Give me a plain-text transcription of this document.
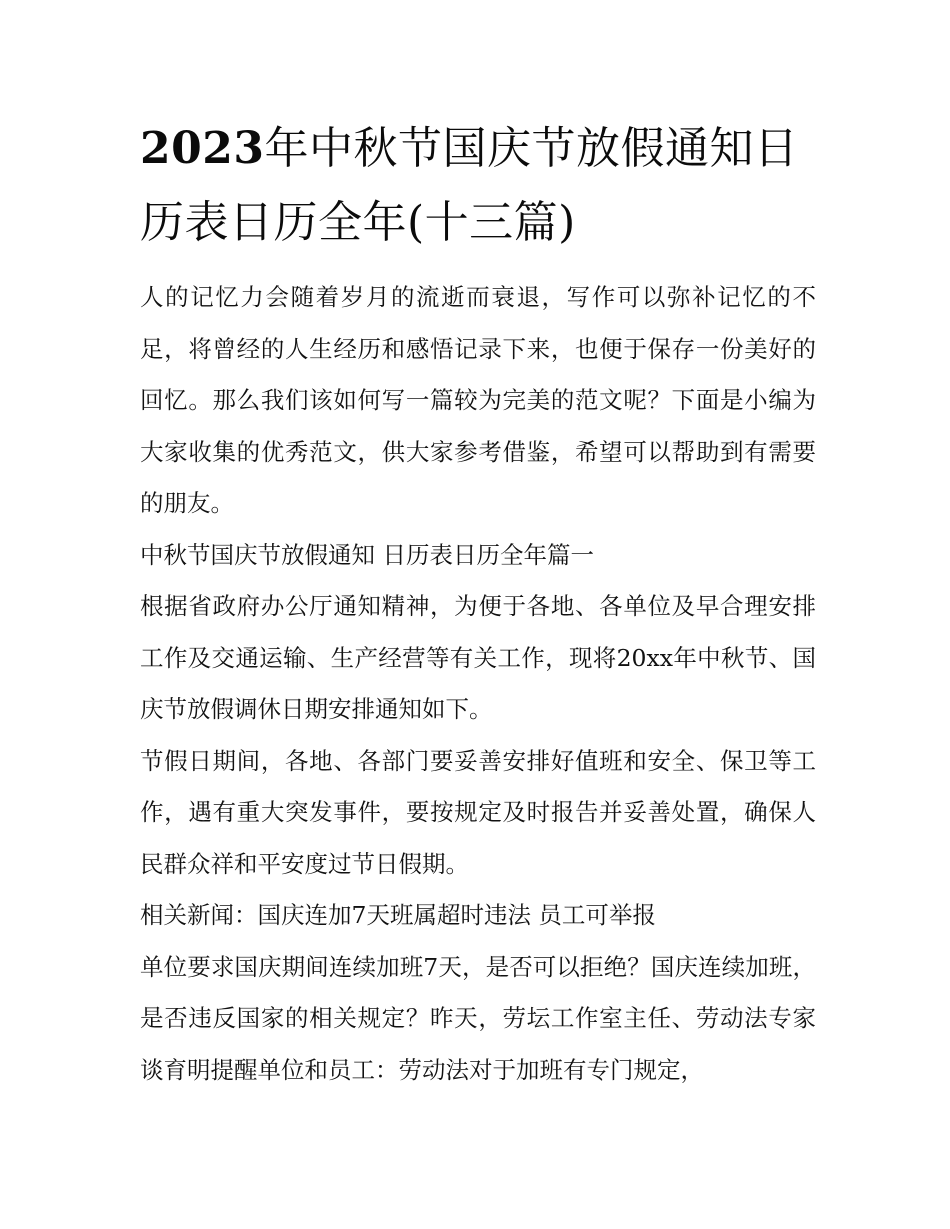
2023年中秋节国庆节放假通知日历表日历全年(十三篇)

人的记忆力会随着岁月的流逝而衰退，写作可以弥补记忆的不足，将曾经的人生经历和感悟记录下来，也便于保存一份美好的回忆。那么我们该如何写一篇较为完美的范文呢？下面是小编为大家收集的优秀范文，供大家参考借鉴，希望可以帮助到有需要的朋友。

中秋节国庆节放假通知 日历表日历全年篇一

根据省政府办公厅通知精神，为便于各地、各单位及早合理安排工作及交通运输、生产经营等有关工作，现将20xx年中秋节、国庆节放假调休日期安排通知如下。

节假日期间，各地、各部门要妥善安排好值班和安全、保卫等工作，遇有重大突发事件，要按规定及时报告并妥善处置，确保人民群众祥和平安度过节日假期。

相关新闻：国庆连加7天班属超时违法 员工可举报

单位要求国庆期间连续加班7天，是否可以拒绝？国庆连续加班，是否违反国家的相关规定？昨天，劳坛工作室主任、劳动法专家谈育明提醒单位和员工：劳动法对于加班有专门规定，
